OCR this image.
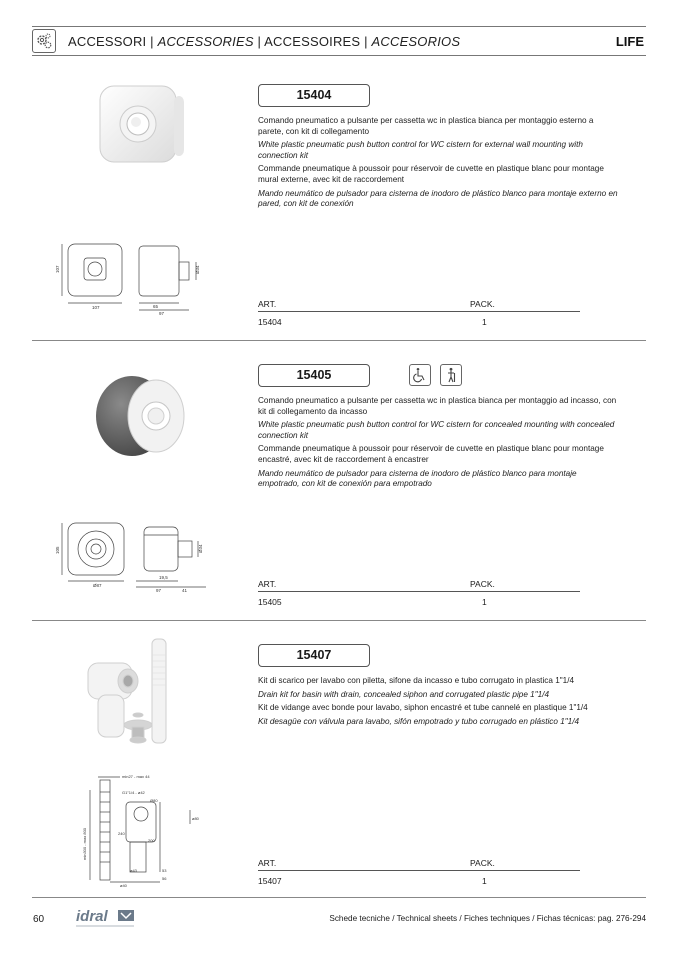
ACCESSORI | ACCESSORIES | ACCESSOIRES | ACCESORIOS	LIFE
107
107	65
97
Ø34
15404

Comando pneumatico a pulsante per cassetta wc in plastica bianca per montaggio esterno a parete, con kit di collegamento

White plastic pneumatic push button control for WC cistern for external wall mounting with connection kit

Commande pneumatique à poussoir pour réservoir de cuvette en plastique blanc pour montage mural externe, avec kit de raccordement

Mando neumático de pulsador para cisterna de inodoro de plástico blanco para montaje externo en pared, con kit de conexión

ART.	PACK.
15404	1
105
Ø87
19,5
97	41
Ø34
15405

Comando pneumatico a pulsante per cassetta wc in plastica bianca per montaggio ad incasso, con kit di collegamento da incasso

White plastic pneumatic push button control for WC cistern for concealed mounting with concealed connection kit

Commande pneumatique à poussoir pour réservoir de cuvette en plastique blanc pour montage encastré, avec kit de raccordement à encastrer

Mando neumático de pulsador para cisterna de inodoro de plástico blanco para montaje empotrado, con kit de conexión para empotrado

ART.	PACK.
15405	1
min27 - max 44
G1"1/4 - ø42
Ø80
ø80
240
200
min300 - max 800
ø43
56
53
ø40
15407

Kit di scarico per lavabo con piletta, sifone da incasso e tubo corrugato in plastica 1"1/4

Drain kit for basin with drain, concealed siphon and corrugated plastic pipe 1"1/4

Kit de vidange avec bonde pour lavabo, siphon encastré et tube cannelé en plastique 1"1/4

Kit desagüe con válvula para lavabo, sifón empotrado y tubo corrugado en plástico 1"1/4

ART.	PACK.
15407	1
60 idral	Schede tecniche / Technical sheets / Fiches techniques / Fichas técnicas: pag. 276-294
